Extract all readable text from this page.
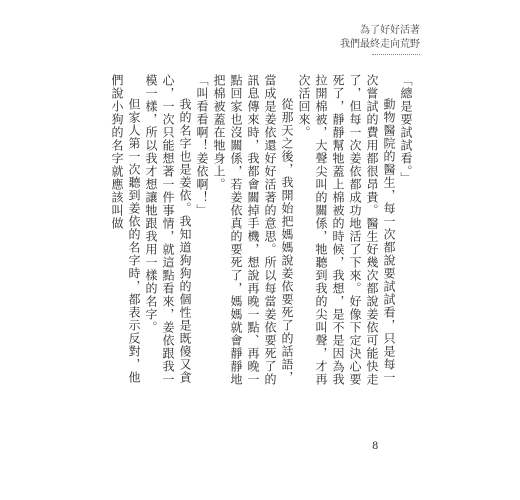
為了好好活著
我們最終走向荒野

「總是要試試看。」

動物醫院的醫生，每一次都說要試試看，只是每一次嘗試的費用都很昂貴。醫生好幾次都說姜依可能快走了，但每一次姜依都成功地活了下來。好像下定決心要死了，靜靜幫牠蓋上棉被的時候，我想，是不是因為我拉開棉被，大聲尖叫的關係，牠聽到我的尖叫聲，才再次活回來。

從那天之後，我開始把媽媽說姜依要死了的話語，當成是姜依還好好活著的意思。所以每當姜依要死了的訊息傳來時，我都會關掉手機，想說再晚一點、再晚一點回家也沒關係，若姜依真的要死了，媽媽就會靜靜地把棉被蓋在牠身上。

「叫看看啊！姜依啊！」

我的名字也是姜依。我知道狗狗的個性是既傻又貪心，一次只能想著一件事情，就這點看來，姜依跟我一模一樣，所以我才想讓牠跟我用一樣的名字。

但家人第一次聽到姜依的名字時，都表示反對，他們說小狗的名字就應該叫做

8
